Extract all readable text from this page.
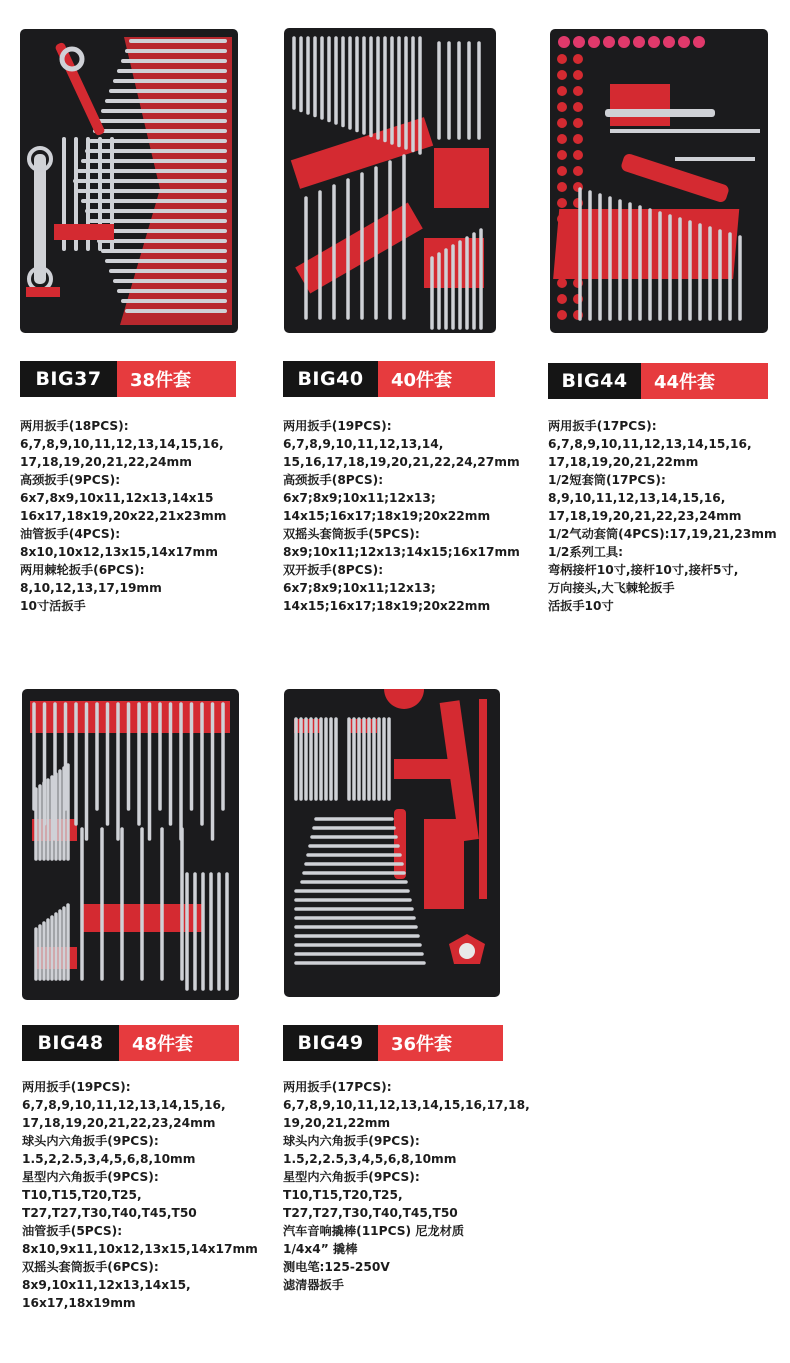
BIG37	38件套
两用扳手(18PCS):
6,7,8,9,10,11,12,13,14,15,16,
17,18,19,20,21,22,24mm
高颈扳手(9PCS):
6x7,8x9,10x11,12x13,14x15
16x17,18x19,20x22,21x23mm
油管扳手(4PCS):
8x10,10x12,13x15,14x17mm
两用棘轮扳手(6PCS):
8,10,12,13,17,19mm
10寸活扳手
BIG40	40件套
两用扳手(19PCS):
6,7,8,9,10,11,12,13,14,
15,16,17,18,19,20,21,22,24,27mm
高颈扳手(8PCS):
6x7;8x9;10x11;12x13;
14x15;16x17;18x19;20x22mm
双摇头套筒扳手(5PCS):
8x9;10x11;12x13;14x15;16x17mm
双开扳手(8PCS):
6x7;8x9;10x11;12x13;
14x15;16x17;18x19;20x22mm
BIG44	44件套
两用扳手(17PCS):
6,7,8,9,10,11,12,13,14,15,16,
17,18,19,20,21,22mm
1/2短套筒(17PCS):
8,9,10,11,12,13,14,15,16,
17,18,19,20,21,22,23,24mm
1/2气动套筒(4PCS):17,19,21,23mm
1/2系列工具:
弯柄接杆10寸,接杆10寸,接杆5寸,
万向接头,大飞棘轮扳手
活扳手10寸
BIG48	48件套
两用扳手(19PCS):
6,7,8,9,10,11,12,13,14,15,16,
17,18,19,20,21,22,23,24mm
球头内六角扳手(9PCS):
1.5,2,2.5,3,4,5,6,8,10mm
星型内六角扳手(9PCS):
T10,T15,T20,T25,
T27,T27,T30,T40,T45,T50
油管扳手(5PCS):
8x10,9x11,10x12,13x15,14x17mm
双摇头套筒扳手(6PCS):
8x9,10x11,12x13,14x15,
16x17,18x19mm
BIG49	36件套
两用扳手(17PCS):
6,7,8,9,10,11,12,13,14,15,16,17,18,
19,20,21,22mm
球头内六角扳手(9PCS):
1.5,2,2.5,3,4,5,6,8,10mm
星型内六角扳手(9PCS):
T10,T15,T20,T25,
T27,T27,T30,T40,T45,T50
汽车音响撬棒(11PCS) 尼龙材质
1/4x4” 撬棒
测电笔:125-250V
滤清器扳手
